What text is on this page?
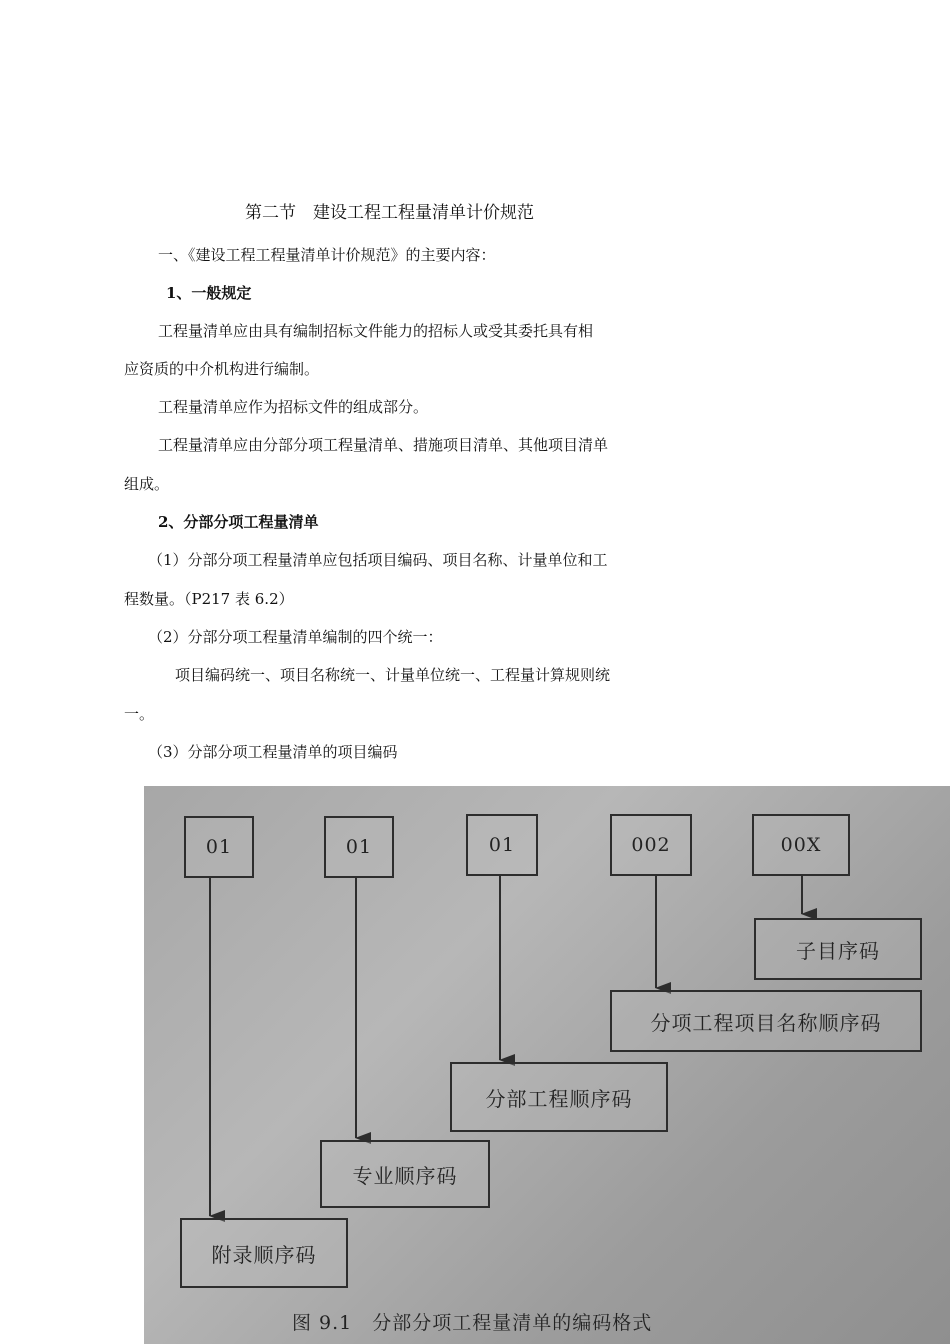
第二节　建设工程工程量清单计价规范
一、《建设工程工程量清单计价规范》的主要内容：
1、一般规定
工程量清单应由具有编制招标文件能力的招标人或受其委托具有相
应资质的中介机构进行编制。
工程量清单应作为招标文件的组成部分。
工程量清单应由分部分项工程量清单、措施项目清单、其他项目清单
组成。
2、分部分项工程量清单
（1）分部分项工程量清单应包括项目编码、项目名称、计量单位和工
程数量。（P217 表 6.2）
（2）分部分项工程量清单编制的四个统一：
项目编码统一、项目名称统一、计量单位统一、工程量计算规则统
一。
（3）分部分项工程量清单的项目编码
01	01	01	002	00X
子目序码
分项工程项目名称顺序码
分部工程顺序码
专业顺序码
附录顺序码
图 9.1　分部分项工程量清单的编码格式
